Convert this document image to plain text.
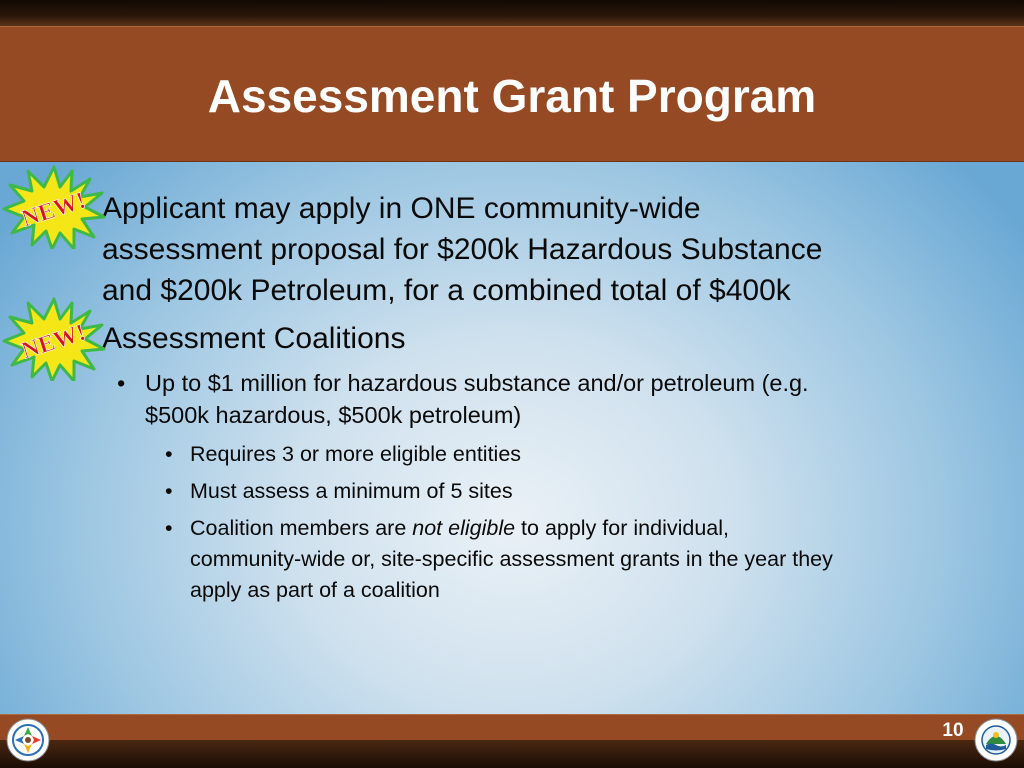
Assessment Grant Program
Applicant may apply in ONE community-wide
assessment proposal for $200k Hazardous Substance
and $200k Petroleum, for a combined total of $400k
Assessment Coalitions
• Up to $1 million for hazardous substance and/or petroleum (e.g.
$500k hazardous, $500k petroleum)
• Requires 3 or more eligible entities
• Must assess a minimum of 5 sites
• Coalition members are not eligible to apply for individual,
community-wide or, site-specific assessment grants in the year they
apply as part of a coalition
NEW!
NEW!
10
